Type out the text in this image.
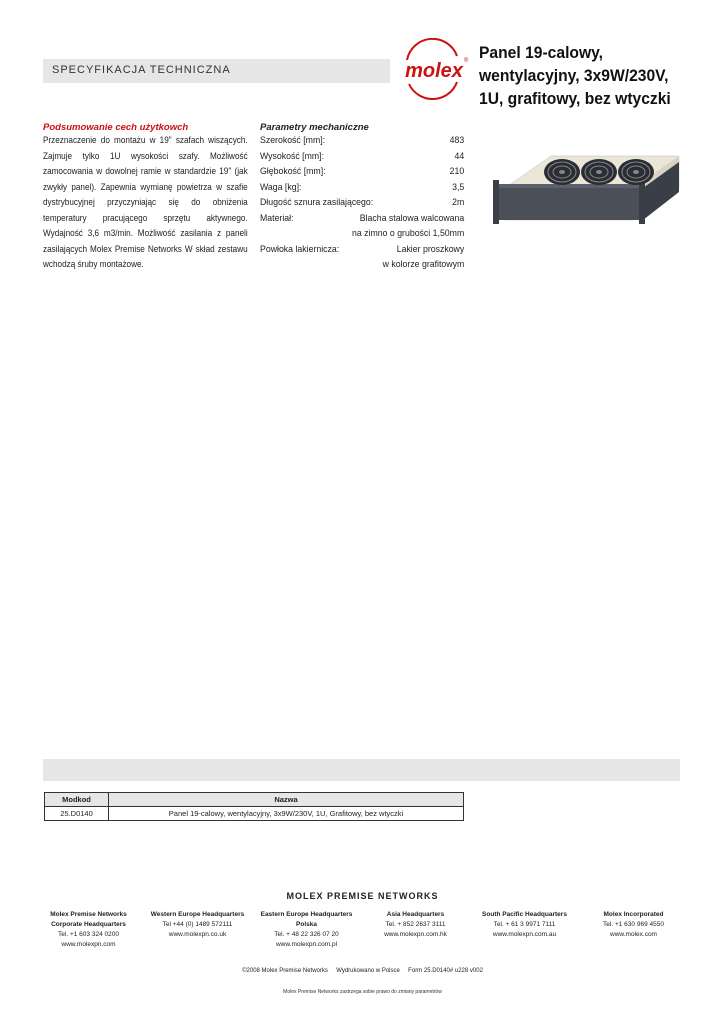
SPECYFIKACJA TECHNICZNA	molex ® Panel 19-calowy,
wentylacyjny, 3x9W/230V,
1U, grafitowy, bez wtyczki
Podsumowanie cech użytkowch
Przeznaczenie do montażu w 19" szafach wiszących. Zajmuje tylko 1U wysokości szafy. Możliwość zamocowania w dowolnej ramie w standardzie 19" (jak zwykły panel). Zapewnia wymianę powietrza w szafie dystrybucyjnej przyczyniając się do obniżenia temperatury pracującego sprzętu aktywnego. Wydajność 3,6 m3/min. Możliwość zasilania z paneli zasilających Molex Premise Networks W skład zestawu wchodzą śruby montażowe.
Parametry mechaniczne
Szerokość [mm]:	483
Wysokość [mm]:	44
Głębokość [mm]:	210
Waga [kg]:	3,5
Długość sznura zasilającego:	2m
Materiał:	Blacha stalowa walcowana
na zimno o grubości 1,50mm
Powłoka lakiernicza:	Lakier proszkowy
w kolorze grafitowym
Modkod	Nazwa
25.D0140	Panel 19-calowy, wentylacyjny, 3x9W/230V, 1U, Grafitowy, bez wtyczki
MOLEX PREMISE NETWORKS
Molex Premise Networks Corporate Headquarters
Tel. +1 603 324 0200
www.molexpn.com
Western Europe Headquarters
Tel +44 (0) 1489 572111
www.molexpn.co.uk
Eastern Europe Headquarters Polska
Tel. + 48 22 326 07 20
www.molexpn.com.pl
Asia Headquarters
Tel. + 852 2637 3111
www.molexpn.com.hk
South Pacific Headquarters
Tel. + 61 3 9971 7111
www.molexpn.com.au
Molex Incorporated
Tel. +1 630 969 4550
www.molex.com
©2008 Molex Premise Networks     Wydrukowano w Polsce     Form 25.D0140# u228 v002
Molex Premise Networks zastrzega sobie prawo do zmiany parametrów
